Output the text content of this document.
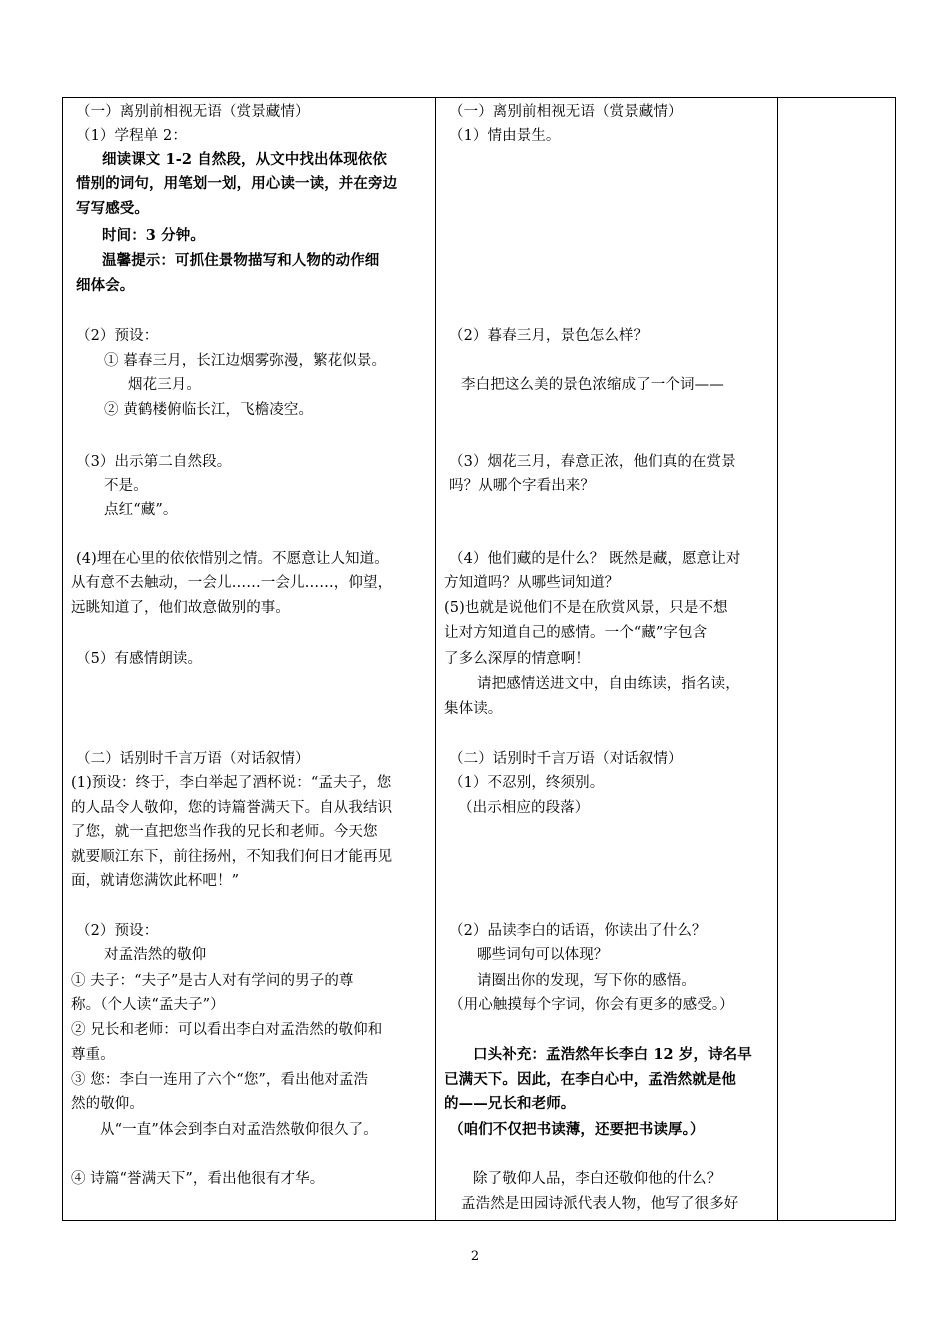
（一）离别前相视无语（赏景藏情）
（1）学程单 2：
细读课文 1-2 自然段，从文中找出体现依依
惜别的词句，用笔划一划，用心读一读，并在旁边
写写感受。
时间：3 分钟。
温馨提示：可抓住景物描写和人物的动作细
细体会。
（2）预设：
① 暮春三月，长江边烟雾弥漫，繁花似景。
烟花三月。
② 黄鹤楼俯临长江，飞檐凌空。
（3）出示第二自然段。
不是。
点红“藏”。
(4)埋在心里的依依惜别之情。不愿意让人知道。
从有意不去触动，一会儿……一会儿……，仰望，
远眺知道了，他们故意做别的事。
（5）有感情朗读。
（二）话别时千言万语（对话叙情）
(1)预设：终于，李白举起了酒杯说：“孟夫子，您
的人品令人敬仰，您的诗篇誉满天下。自从我结识
了您，就一直把您当作我的兄长和老师。今天您
就要顺江东下，前往扬州，不知我们何日才能再见
面，就请您满饮此杯吧！”
（2）预设：
对孟浩然的敬仰
① 夫子：“夫子”是古人对有学问的男子的尊
称。（个人读“孟夫子”）
② 兄长和老师：可以看出李白对孟浩然的敬仰和
尊重。
③ 您：李白一连用了六个“您”，看出他对孟浩
然的敬仰。
从“一直”体会到李白对孟浩然敬仰很久了。
④ 诗篇“誉满天下”，看出他很有才华。

（一）离别前相视无语（赏景藏情）
（1）情由景生。
（2）暮春三月，景色怎么样？
李白把这么美的景色浓缩成了一个词——
（3）烟花三月，春意正浓，他们真的在赏景
吗？从哪个字看出来？
（4）他们藏的是什么？ 既然是藏，愿意让对
方知道吗？从哪些词知道？
(5)也就是说他们不是在欣赏风景，只是不想
让对方知道自己的感情。一个“藏”字包含
了多么深厚的情意啊！
请把感情送进文中，自由练读，指名读，
集体读。
（二）话别时千言万语（对话叙情）
（1）不忍别，终须别。
（出示相应的段落）
（2）品读李白的话语，你读出了什么？
哪些词句可以体现？
请圈出你的发现，写下你的感悟。
（用心触摸每个字词，你会有更多的感受。）
口头补充：孟浩然年长李白 12 岁，诗名早
已满天下。因此，在李白心中，孟浩然就是他
的——兄长和老师。
（咱们不仅把书读薄，还要把书读厚。）
除了敬仰人品，李白还敬仰他的什么？
孟浩然是田园诗派代表人物，他写了很多好

2
